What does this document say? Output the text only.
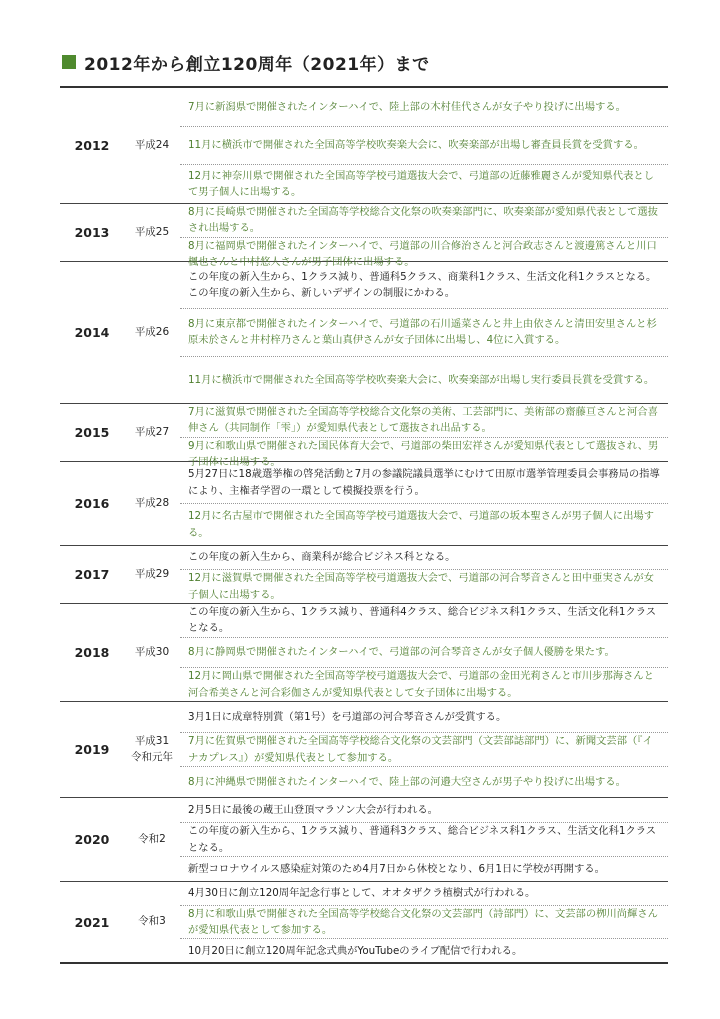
2012年から創立120周年（2021年）まで
2012	平成24
7月に新潟県で開催されたインターハイで、陸上部の木村佳代さんが女子やり投げに出場する。
11月に横浜市で開催された全国高等学校吹奏楽大会に、吹奏楽部が出場し審査員長賞を受賞する。
12月に神奈川県で開催された全国高等学校弓道選抜大会で、弓道部の近藤雅麗さんが愛知県代表として男子個人に出場する。
2013	平成25
8月に長崎県で開催された全国高等学校総合文化祭の吹奏楽部門に、吹奏楽部が愛知県代表として選抜され出場する。
8月に福岡県で開催されたインターハイで、弓道部の川合修治さんと河合政志さんと渡邊篤さんと川口楓也さんと中村悠人さんが男子団体に出場する。
2014	平成26
この年度の新入生から、1クラス減り、普通科5クラス、商業科1クラス、生活文化科1クラスとなる。この年度の新入生から、新しいデザインの制服にかわる。
8月に東京都で開催されたインターハイで、弓道部の石川遥菜さんと井上由依さんと清田安里さんと杉原未於さんと井村梓乃さんと葉山真伊さんが女子団体に出場し、4位に入賞する。
11月に横浜市で開催された全国高等学校吹奏楽大会に、吹奏楽部が出場し実行委員長賞を受賞する。
2015	平成27
7月に滋賀県で開催された全国高等学校総合文化祭の美術、工芸部門に、美術部の齋藤亘さんと河合喜伸さん（共同制作「雫」）が愛知県代表として選抜され出品する。
9月に和歌山県で開催された国民体育大会で、弓道部の柴田宏祥さんが愛知県代表として選抜され、男子団体に出場する。
2016	平成28
5月27日に18歳選挙権の啓発活動と7月の参議院議員選挙にむけて田原市選挙管理委員会事務局の指導により、主権者学習の一環として模擬投票を行う。
12月に名古屋市で開催された全国高等学校弓道選抜大会で、弓道部の坂本聖さんが男子個人に出場する。
2017	平成29
この年度の新入生から、商業科が総合ビジネス科となる。
12月に滋賀県で開催された全国高等学校弓道選抜大会で、弓道部の河合琴音さんと田中亜実さんが女子個人に出場する。
2018	平成30
この年度の新入生から、1クラス減り、普通科4クラス、総合ビジネス科1クラス、生活文化科1クラスとなる。
8月に静岡県で開催されたインターハイで、弓道部の河合琴音さんが女子個人優勝を果たす。
12月に岡山県で開催された全国高等学校弓道選抜大会で、弓道部の金田光莉さんと市川步那海さんと河合希美さんと河合彩伽さんが愛知県代表として女子団体に出場する。
2019
平成31
令和元年
3月1日に成章特別賞（第1号）を弓道部の河合琴音さんが受賞する。
7月に佐賀県で開催された全国高等学校総合文化祭の文芸部門（文芸部誌部門）に、新聞文芸部（『イナカプレス』）が愛知県代表として参加する。
8月に沖縄県で開催されたインターハイで、陸上部の河邉大空さんが男子やり投げに出場する。
2020	令和2
2月5日に最後の蔵王山登頂マラソン大会が行われる。
この年度の新入生から、1クラス減り、普通科3クラス、総合ビジネス科1クラス、生活文化科1クラスとなる。
新型コロナウイルス感染症対策のため4月7日から休校となり、6月1日に学校が再開する。
2021	令和3
4月30日に創立120周年記念行事として、オオタザクラ植樹式が行われる。
8月に和歌山県で開催された全国高等学校総合文化祭の文芸部門（詩部門）に、文芸部の栁川尚輝さんが愛知県代表として参加する。
10月20日に創立120周年記念式典がYouTubeのライブ配信で行われる。
